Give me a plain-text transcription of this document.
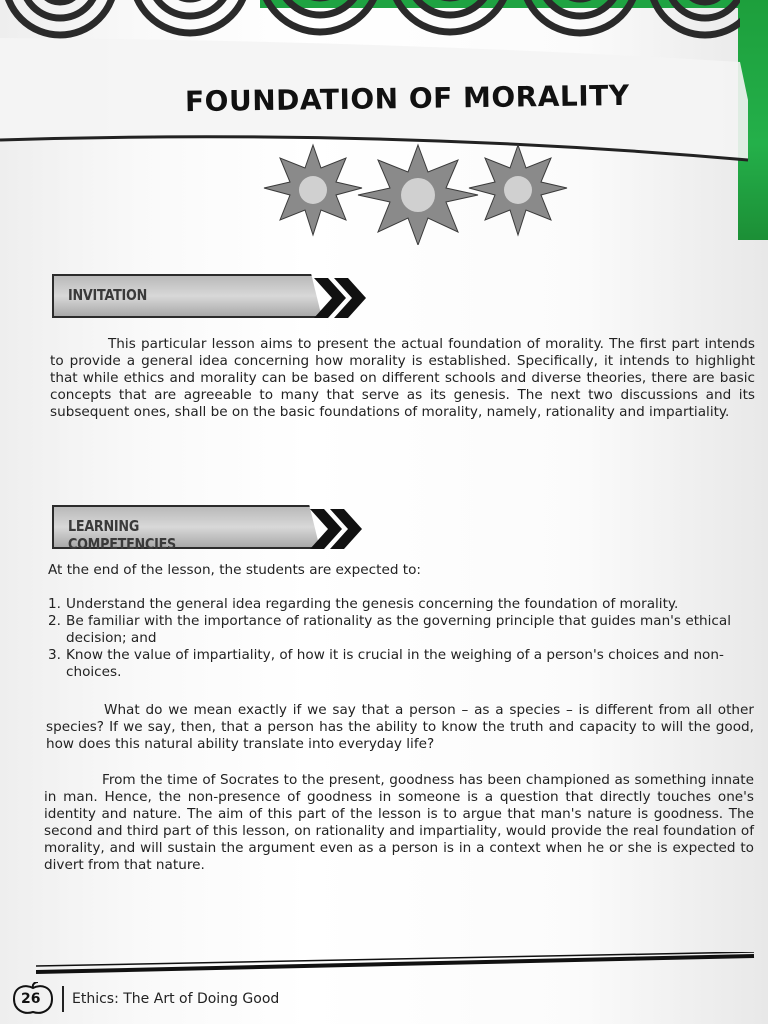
FOUNDATION OF MORALITY
INVITATION

This particular lesson aims to present the actual foundation of morality. The first part intends to provide a general idea concerning how morality is established. Specifically, it intends to highlight that while ethics and morality can be based on different schools and diverse theories, there are basic concepts that are agreeable to many that serve as its genesis. The next two discussions and its subsequent ones, shall be on the basic foundations of morality, namely, rationality and impartiality.

LEARNING COMPETENCIES

At the end of the lesson, the students are expected to:

1. Understand the general idea regarding the genesis concerning the foundation of morality.
2. Be familiar with the importance of rationality as the governing principle that guides man's ethical decision; and
3. Know the value of impartiality, of how it is crucial in the weighing of a person's choices and non-choices.

What do we mean exactly if we say that a person – as a species – is different from all other species? If we say, then, that a person has the ability to know the truth and capacity to will the good, how does this natural ability translate into everyday life?

From the time of Socrates to the present, goodness has been championed as something innate in man. Hence, the non-presence of goodness in someone is a question that directly touches one's identity and nature. The aim of this part of the lesson is to argue that man's nature is goodness. The second and third part of this lesson, on rationality and impartiality, would provide the real foundation of morality, and will sustain the argument even as a person is in a context when he or she is expected to divert from that nature.

26 Ethics: The Art of Doing Good
